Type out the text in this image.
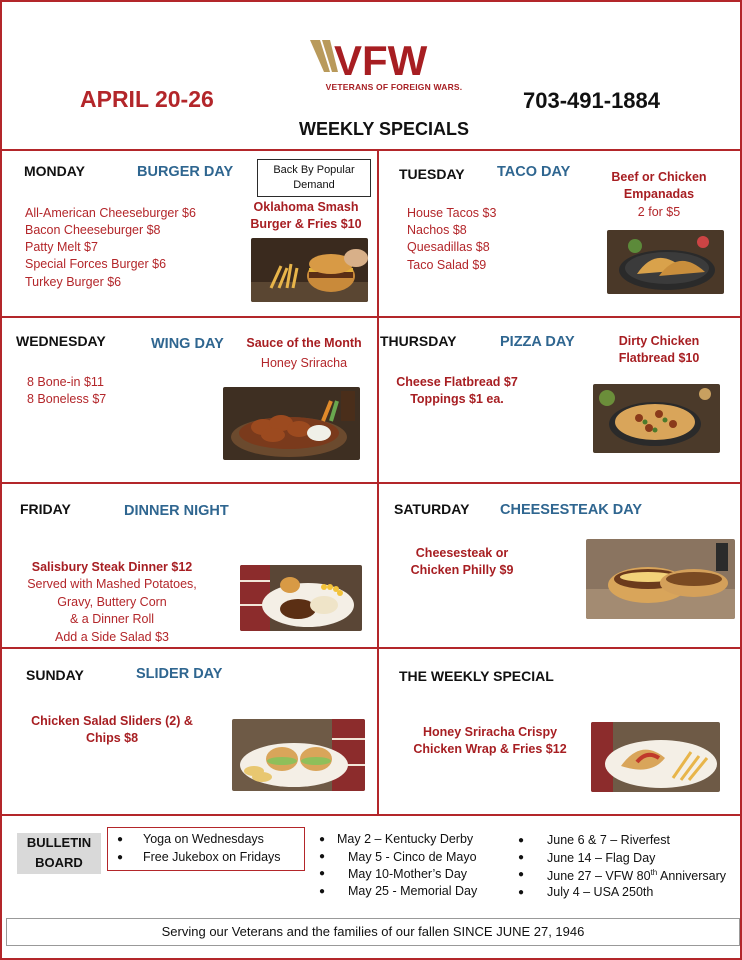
VFW
VETERANS OF FOREIGN WARS.
APRIL 20-26	703-491-1884
WEEKLY SPECIALS
MONDAY	BURGER DAY	Back By Popular Demand
All-American Cheeseburger $6
Bacon Cheeseburger $8
Patty Melt $7
Special Forces Burger $6
Turkey Burger $6
Oklahoma Smash
Burger & Fries $10
TUESDAY TACO DAY	Beef or Chicken
Empanadas
2 for $5
House Tacos $3
Nachos $8
Quesadillas $8
Taco Salad $9
WEDNESDAY	WING DAY	Sauce of the Month
Honey Sriracha
8 Bone-in $11
8 Boneless $7
THURSDAY	PIZZA DAY	Dirty Chicken
Flatbread $10
Cheese Flatbread $7
Toppings $1 ea.
FRIDAY	DINNER NIGHT
Salisbury Steak Dinner $12
Served with Mashed Potatoes,
Gravy, Buttery Corn
& a Dinner Roll
Add a Side Salad $3
SATURDAY CHEESESTEAK DAY
Cheesesteak or
Chicken Philly $9
SUNDAY	SLIDER DAY
Chicken Salad Sliders (2) &
Chips $8
THE WEEKLY SPECIAL
Honey Sriracha Crispy
Chicken Wrap & Fries $12
BULLETIN
BOARD
● Yoga on Wednesdays
● Free Jukebox on Fridays
● May 2 – Kentucky Derby
● May 5 - Cinco de Mayo
● May 10-Mother’s Day
● May 25 - Memorial Day
● June 6 & 7 – Riverfest
● June 14 – Flag Day
● June 27 – VFW 80th Anniversary
● July 4 – USA 250th
Serving our Veterans and the families of our fallen SINCE JUNE 27, 1946
